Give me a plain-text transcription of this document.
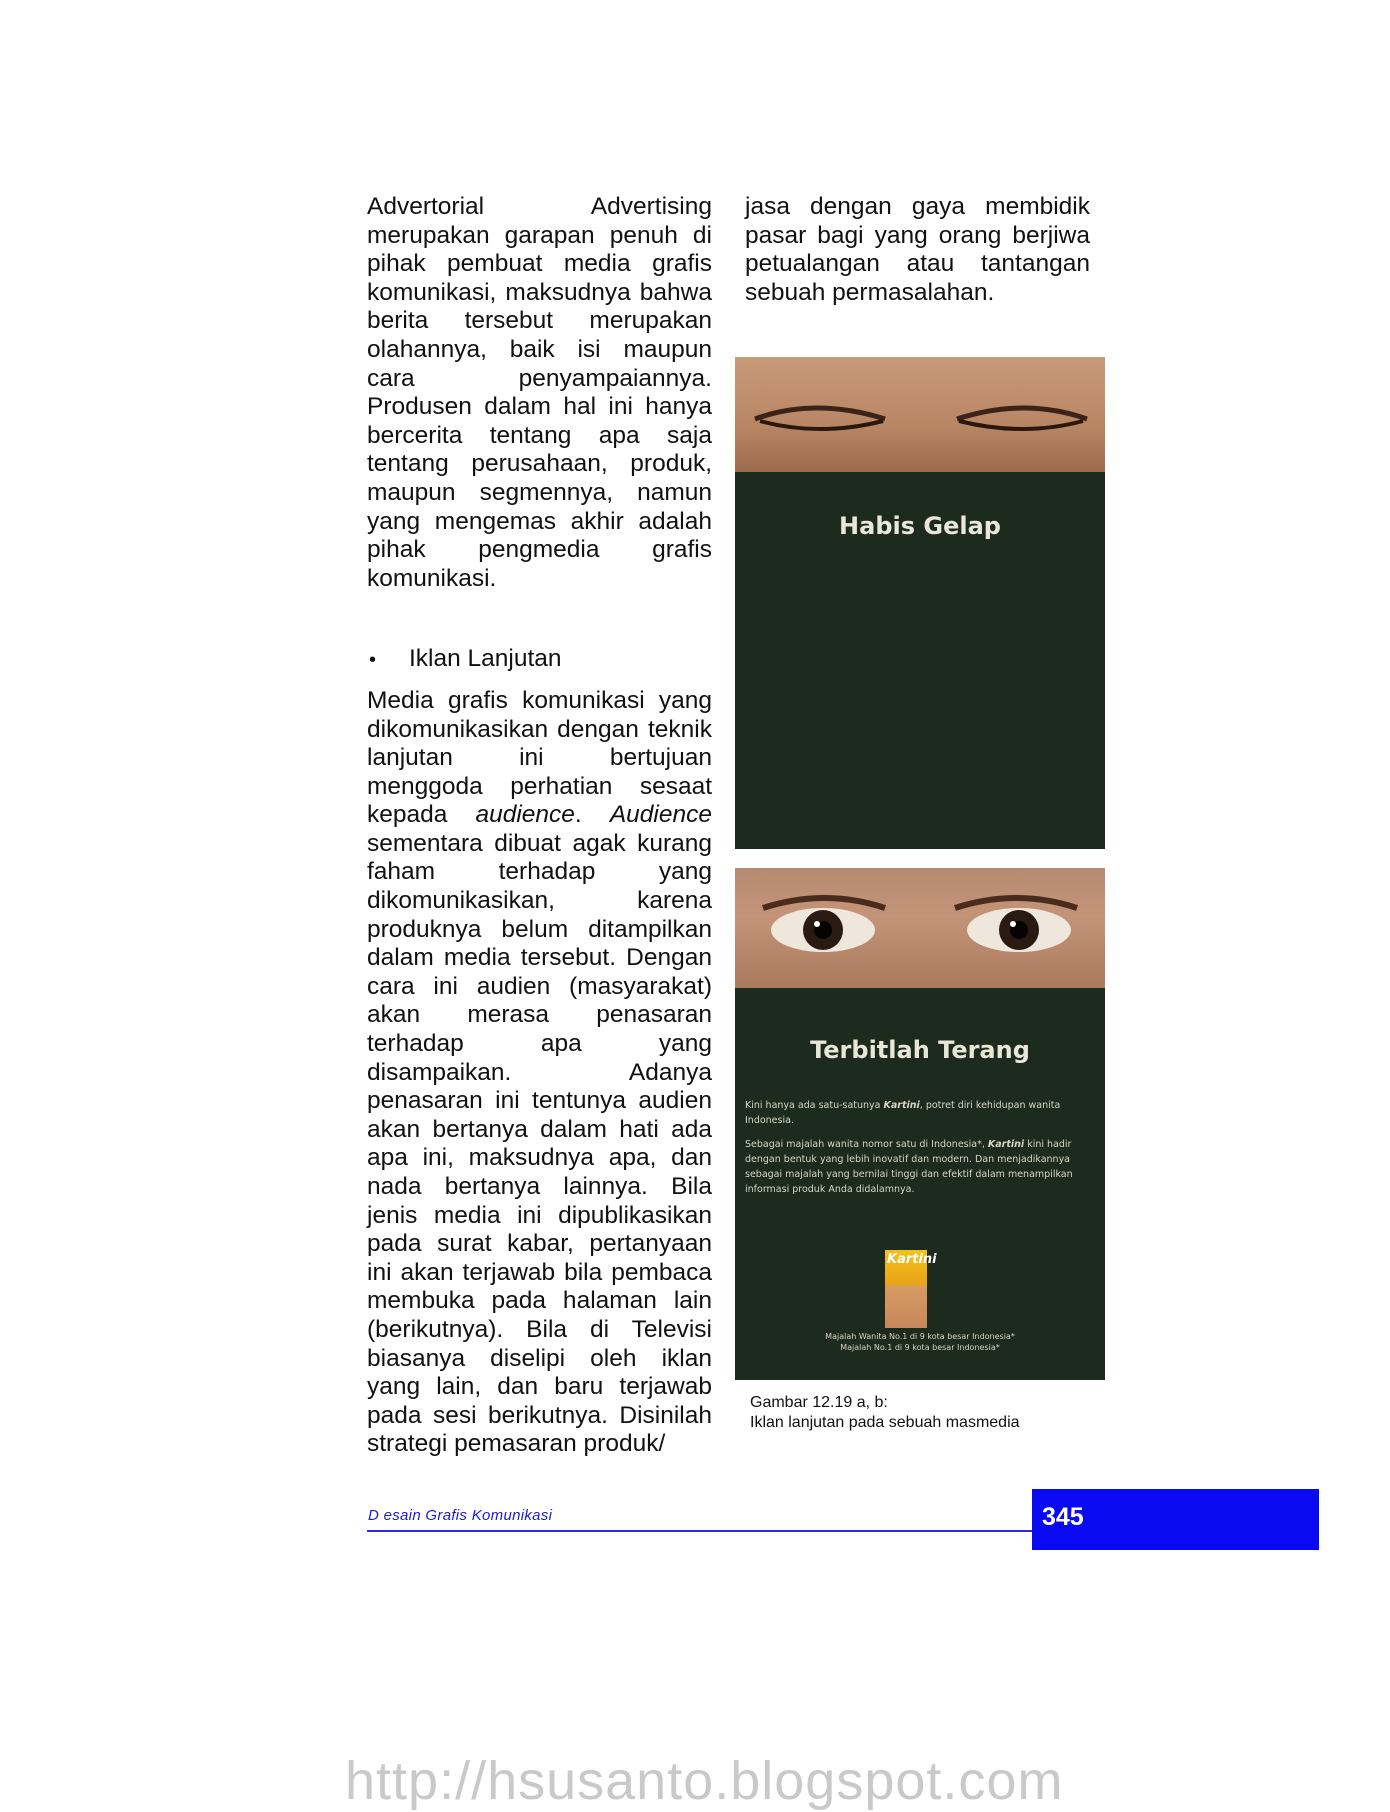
Advertorial Advertising merupakan garapan penuh di pihak pembuat media grafis komunikasi, maksudnya bahwa berita tersebut merupakan olahannya, baik isi maupun cara penyampaiannya. Produsen dalam hal ini hanya bercerita tentang apa saja tentang perusahaan, produk, maupun segmennya, namun yang mengemas akhir adalah pihak pengmedia grafis komunikasi.

•	Iklan Lanjutan

Media grafis komunikasi yang dikomunikasikan dengan teknik lanjutan ini bertujuan menggoda perhatian sesaat kepada audience. Audience sementara dibuat agak kurang faham terhadap yang dikomunikasikan, karena produknya belum ditampilkan dalam media tersebut. Dengan cara ini audien (masyarakat) akan merasa penasaran terhadap apa yang disampaikan. Adanya penasaran ini tentunya audien akan bertanya dalam hati ada apa ini, maksudnya apa, dan nada bertanya lainnya. Bila jenis media ini dipublikasikan pada surat kabar, pertanyaan ini akan terjawab bila pembaca membuka pada halaman lain (berikutnya). Bila di Televisi biasanya diselipi oleh iklan yang lain, dan baru terjawab pada sesi berikutnya. Disinilah strategi pemasaran produk/

jasa dengan gaya membidik pasar bagi yang orang berjiwa petualangan atau tantangan sebuah permasalahan.

Habis Gelap
Terbitlah Terang

Kini hanya ada satu-satunya Kartini, potret diri kehidupan wanita Indonesia.

Sebagai majalah wanita nomor satu di Indonesia*, Kartini kini hadir dengan bentuk yang lebih inovatif dan modern. Dan menjadikannya sebagai majalah yang bernilai tinggi dan efektif dalam menampilkan informasi produk Anda didalamnya.

Kartini
Majalah Wanita No.1 di 9 kota besar Indonesia*
Majalah No.1 di 9 kota besar Indonesia*
Gambar 12.19 a, b:
Iklan lanjutan pada sebuah masmedia
D esain Grafis Komunikasi	345
http://hsusanto.blogspot.com
